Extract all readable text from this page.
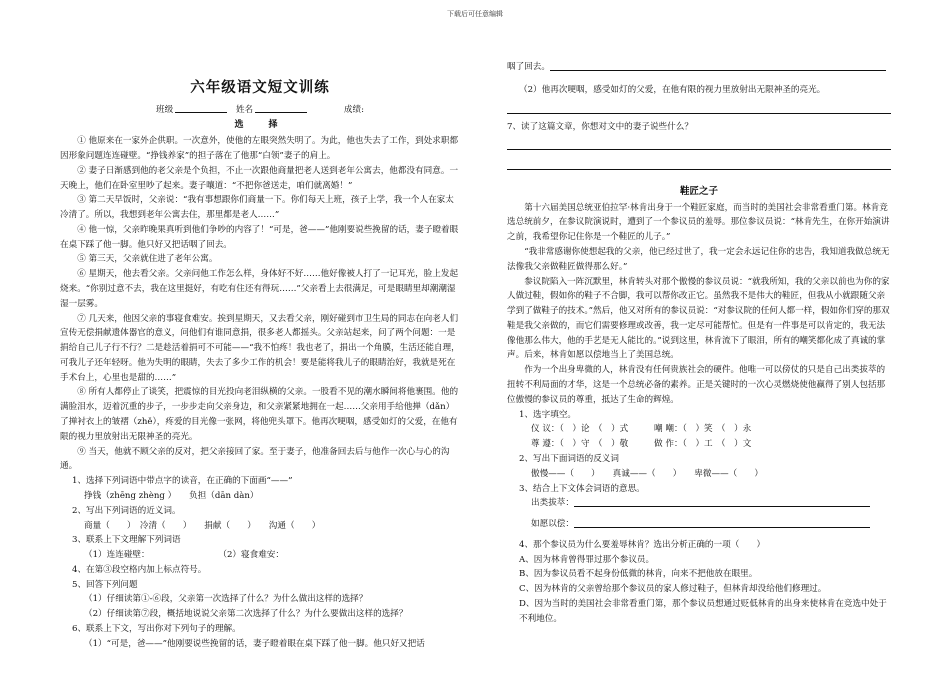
下载后可任意编辑

六年级语文短文训练

班级	姓名	成绩:

选　择

① 他原来在一家外企供职。一次意外，使他的左眼突然失明了。为此，他也失去了工作，到处求职都因形象问题连连碰壁。“挣钱养家”的担子落在了他那“白领”妻子的肩上。

② 妻子日渐感到他的老父亲是个负担，不止一次跟他商量把老人送到老年公寓去，他都没有同意。一天晚上，他们在卧室里吵了起来。妻子嚷道：“不把你爸送走，咱们就离婚！”

③ 第二天早饭时，父亲说：“我有事想跟你们商量一下。你们每天上班，孩子上学，我一个人在家太冷清了。所以，我想到老年公寓去住，那里都是老人……”

④ 他一惊，父亲昨晚果真听到他们争吵的内容了！“可是，爸——”他刚要说些挽留的话，妻子瞪着眼在桌下踩了他一脚。他只好又把话咽了回去。

⑤ 第三天，父亲就住进了老年公寓。

⑥ 星期天，他去看父亲。父亲问他工作怎么样，身体好不好……他好像被人打了一记耳光，脸上发起烧来。“你别过意不去，我在这里挺好，有吃有住还有得玩……”父亲看上去很满足，可是眼睛里却潮潮湿湿一层雾。

⑦ 几天来，他因父亲的事寝食难安。挨到星期天，又去看父亲，刚好碰到市卫生局的同志在向老人们宣传无偿捐献遗体器官的意义，问他们有谁同意捐，很多老人都摇头。父亲站起来，问了两个问题：一是捐给自己儿子行不行？二是趁活着捐可不可能——“我不怕疼！我也老了，捐出一个角膜，生活还能自理，可我儿子还年轻呀。他为失明的眼睛，失去了多少工作的机会！要是能将我儿子的眼睛治好，我就是死在手术台上，心里也是甜的……”

⑧ 所有人都停止了谈笑，把震惊的目光投向老泪纵横的父亲。一股看不见的潮水瞬间将他裹围。他的满脸泪水，迈着沉重的步子，一步步走向父亲身边，和父亲紧紧地拥在一起……父亲用手给他掸（dǎn）了掸衬衣上的皱褶（zhě），疼爱的目光像一张网，将他兜头罩下。他再次哽咽，感受如灯的父爱，在他有限的视力里放射出无限神圣的亮光。

⑨ 当天，他就不顾父亲的反对，把父亲接回了家。至于妻子，他准备回去后与他作一次心与心的沟通。

1、选择下列词语中带点字的读音，在正确的下面画“——”

挣钱（zhēng zhèng ）　　负担（dān dàn）

2、写出下列词语的近义词。

商量（　　）　冷清（　　）　　捐献（　　）　　沟通（　　）

3、联系上下文理解下列词语

（1）连连碰壁：　　　　　　　　　（2）寝食难安：

4、在第③段空格内加上标点符号。

5、回答下列问题

（1）仔细读第①-⑥段，父亲第一次选择了什么？为什么做出这样的选择？

（2）仔细读第⑦段，概括地说说父亲第二次选择了什么？为什么要做出这样的选择？

6、联系上下文，写出你对下列句子的理解。

（1）“可是，爸——”他刚要说些挽留的话，妻子瞪着眼在桌下踩了他一脚。他只好又把话

咽了回去。

（2）他再次哽咽，感受如灯的父爱，在他有限的视力里放射出无限神圣的亮光。

7、读了这篇文章，你想对文中的妻子说些什么？

鞋匠之子

第十六届美国总统亚伯拉罕·林肯出身于一个鞋匠家庭，而当时的美国社会非常看重门第。林肯竞选总统前夕，在参议院演说时，遭到了一个参议员的羞辱。那位参议员说：“林肯先生，在你开始演讲之前，我希望你记住你是一个鞋匠的儿子。”

“我非常感谢你使想起我的父亲，他已经过世了，我一定会永远记住你的忠告，我知道我做总统无法像我父亲做鞋匠做得那么好。”

参议院陷入一阵沉默里，林肯转头对那个傲慢的参议员说：“就我所知，我的父亲以前也为你的家人做过鞋，假如你的鞋子不合脚，我可以帮你改正它。虽然我不是伟大的鞋匠，但我从小就跟随父亲学到了做鞋子的技术。”然后，他又对所有的参议员说：“对参议院的任何人都一样，假如你们穿的那双鞋是我父亲做的，而它们需要修理或改善，我一定尽可能帮忙。但是有一件事是可以肯定的，我无法像他那么伟大，他的手艺是无人能比的。”说到这里，林肯流下了眼泪，所有的嘲笑都化成了真诚的掌声。后来，林肯如愿以偿地当上了美国总统。

作为一个出身卑微的人，林肯没有任何贵族社会的硬件。他唯一可以傍仗的只是自己出类拔萃的扭转不利局面的才华，这是一个总统必备的素养。正是关键时的一次心灵燃烧使他赢得了别人包括那位傲慢的参议员的尊重，抵达了生命的辉煌。

1、选字填空。

仪 议：（　）论　（　）式　　　嘲 嘲：（　）笑　（　）永

尊 遵：（　）守　（　）敬　　　做 作：（　）工　（　）文

2、写出下面词语的反义词

傲慢——（　　）　　真诚——（　　）　　卑微——（　　）

3、结合上下文体会词语的意思。

出类拔萃：

如愿以偿：

4、那个参议员为什么要羞辱林肯？选出分析正确的一项（　　）

A、因为林肯曾得罪过那个参议员。

B、因为参议员看不起身份低微的林肯，向来不把他放在眼里。

C、因为林肯的父亲曾给那个参议员的家人修过鞋子，但林肯却没给他们修理过。

D、因为当时的美国社会非常看重门第，那个参议员想通过贬低林肯的出身来使林肯在竞选中处于不利地位。
